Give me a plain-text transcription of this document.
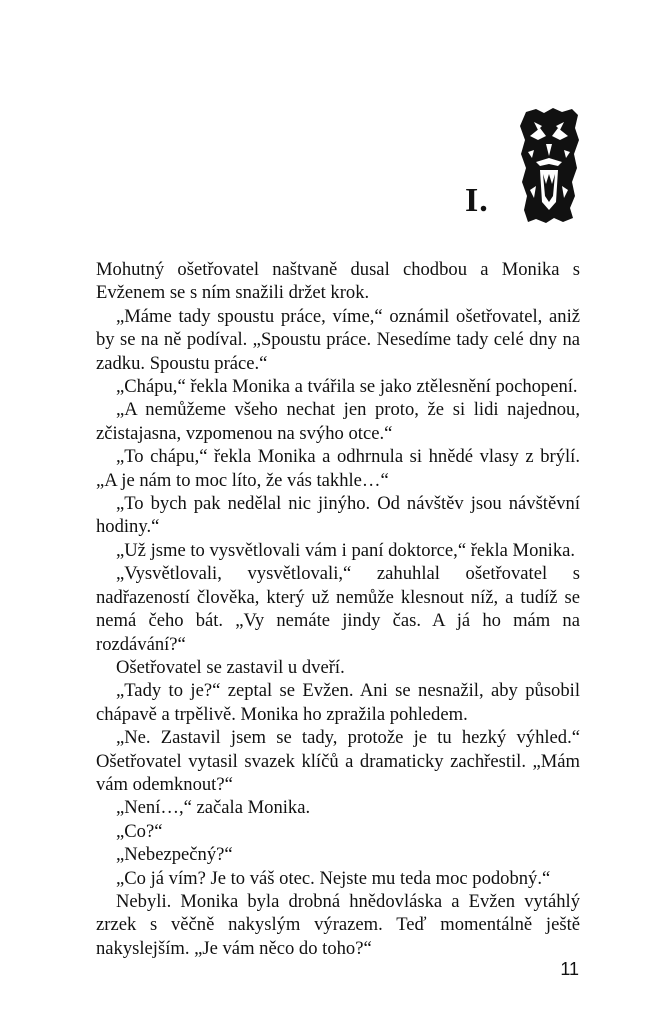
I.

Mohutný ošetřovatel naštvaně dusal chodbou a Monika s Evženem se s ním snažili držet krok.

„Máme tady spoustu práce, víme,“ oznámil ošetřovatel, aniž by se na ně podíval. „Spoustu práce. Nesedíme tady celé dny na zadku. Spoustu práce.“

„Chápu,“ řekla Monika a tvářila se jako ztělesnění pochopení.

„A nemůžeme všeho nechat jen proto, že si lidi najednou, zčistajasna, vzpomenou na svýho otce.“

„To chápu,“ řekla Monika a odhrnula si hnědé vlasy z brýlí. „A je nám to moc líto, že vás takhle…“

„To bych pak nedělal nic jinýho. Od návštěv jsou návštěvní hodiny.“

„Už jsme to vysvětlovali vám i paní doktorce,“ řekla Monika.

„Vysvětlovali, vysvětlovali,“ zahuhlal ošetřovatel s nadřazeností člověka, který už nemůže klesnout níž, a tudíž se nemá čeho bát. „Vy nemáte jindy čas. A já ho mám na rozdávání?“

Ošetřovatel se zastavil u dveří.

„Tady to je?“ zeptal se Evžen. Ani se nesnažil, aby působil chápavě a trpělivě. Monika ho zpražila pohledem.

„Ne. Zastavil jsem se tady, protože je tu hezký výhled.“ Ošetřovatel vytasil svazek klíčů a dramaticky zachřestil. „Mám vám odemknout?“

„Není…,“ začala Monika.

„Co?“

„Nebezpečný?“

„Co já vím? Je to váš otec. Nejste mu teda moc podobný.“

Nebyli. Monika byla drobná hnědovláska a Evžen vytáhlý zrzek s věčně nakyslým výrazem. Teď momentálně ještě nakyslejším. „Je vám něco do toho?“

11
